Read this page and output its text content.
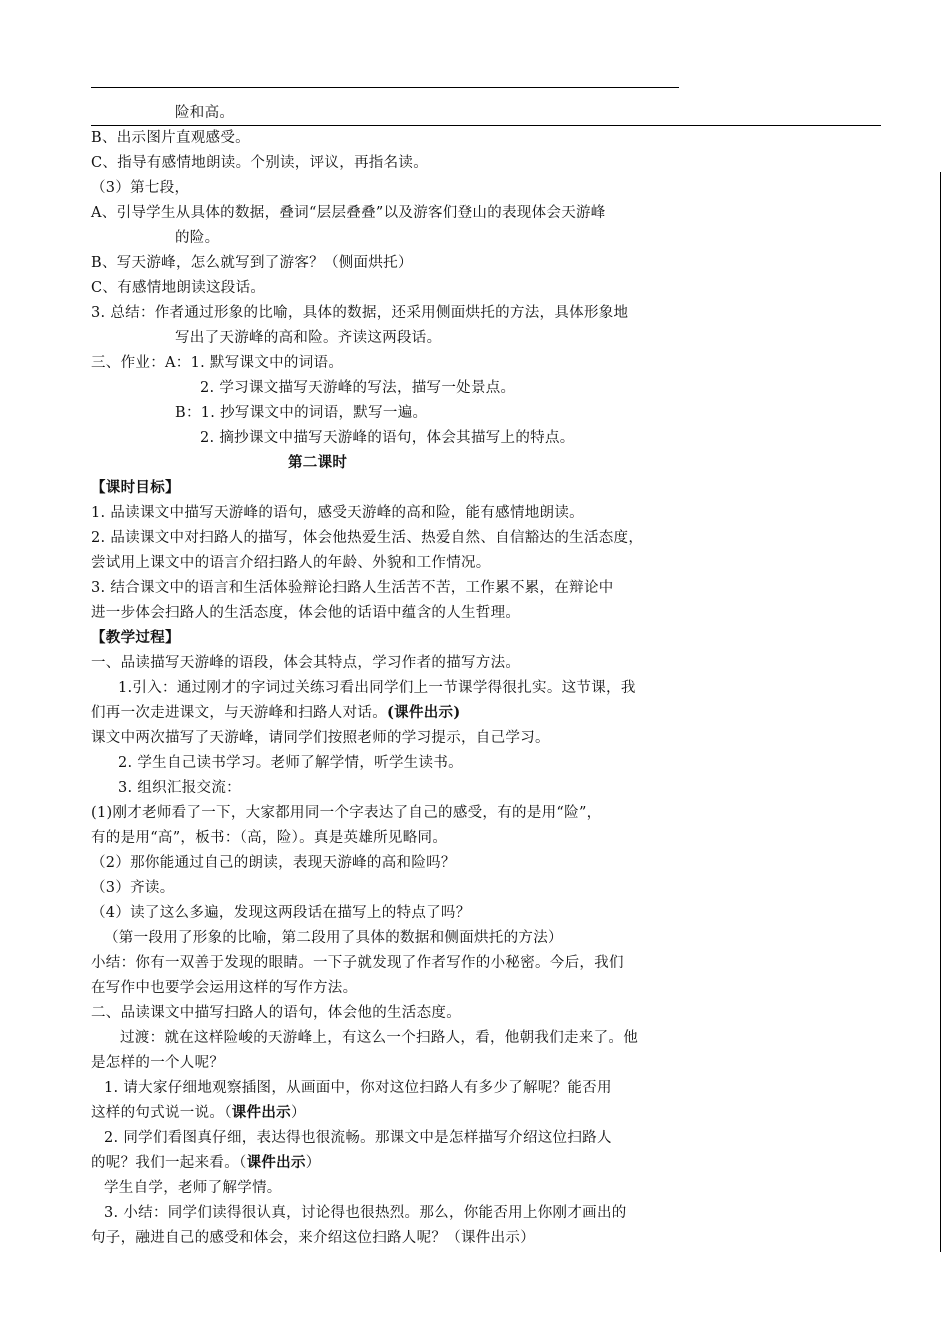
险和高。
B、出示图片直观感受。
C、指导有感情地朗读。个别读，评议，再指名读。
（3）第七段，
A、引导学生从具体的数据，叠词“层层叠叠”以及游客们登山的表现体会天游峰
的险。
B、写天游峰，怎么就写到了游客？（侧面烘托）
C、有感情地朗读这段话。
3. 总结：作者通过形象的比喻，具体的数据，还采用侧面烘托的方法，具体形象地
写出了天游峰的高和险。齐读这两段话。
三、作业：A：1. 默写课文中的词语。
2. 学习课文描写天游峰的写法，描写一处景点。
B：1. 抄写课文中的词语，默写一遍。
2. 摘抄课文中描写天游峰的语句，体会其描写上的特点。
第二课时
【课时目标】
1. 品读课文中描写天游峰的语句，感受天游峰的高和险，能有感情地朗读。
2. 品读课文中对扫路人的描写，体会他热爱生活、热爱自然、自信豁达的生活态度，
尝试用上课文中的语言介绍扫路人的年龄、外貌和工作情况。
3. 结合课文中的语言和生活体验辩论扫路人生活苦不苦，工作累不累，在辩论中
进一步体会扫路人的生活态度，体会他的话语中蕴含的人生哲理。
【教学过程】
一、品读描写天游峰的语段，体会其特点，学习作者的描写方法。
1.引入：通过刚才的字词过关练习看出同学们上一节课学得很扎实。这节课，我
们再一次走进课文，与天游峰和扫路人对话。(课件出示)
课文中两次描写了天游峰，请同学们按照老师的学习提示，自己学习。
2. 学生自己读书学习。老师了解学情，听学生读书。
3. 组织汇报交流：
(1)刚才老师看了一下，大家都用同一个字表达了自己的感受，有的是用“险”，
有的是用“高”，板书：（高，险）。真是英雄所见略同。
（2）那你能通过自己的朗读，表现天游峰的高和险吗？
（3）齐读。
（4）读了这么多遍，发现这两段话在描写上的特点了吗？
（第一段用了形象的比喻，第二段用了具体的数据和侧面烘托的方法）
小结：你有一双善于发现的眼睛。一下子就发现了作者写作的小秘密。今后，我们
在写作中也要学会运用这样的写作方法。
二、品读课文中描写扫路人的语句，体会他的生活态度。
过渡：就在这样险峻的天游峰上，有这么一个扫路人，看，他朝我们走来了。他
是怎样的一个人呢？
1. 请大家仔细地观察插图，从画面中，你对这位扫路人有多少了解呢？能否用
这样的句式说一说。（课件出示）
2. 同学们看图真仔细，表达得也很流畅。那课文中是怎样描写介绍这位扫路人
的呢？我们一起来看。（课件出示）
学生自学，老师了解学情。
3. 小结：同学们读得很认真，讨论得也很热烈。那么，你能否用上你刚才画出的
句子，融进自己的感受和体会，来介绍这位扫路人呢？（课件出示）
